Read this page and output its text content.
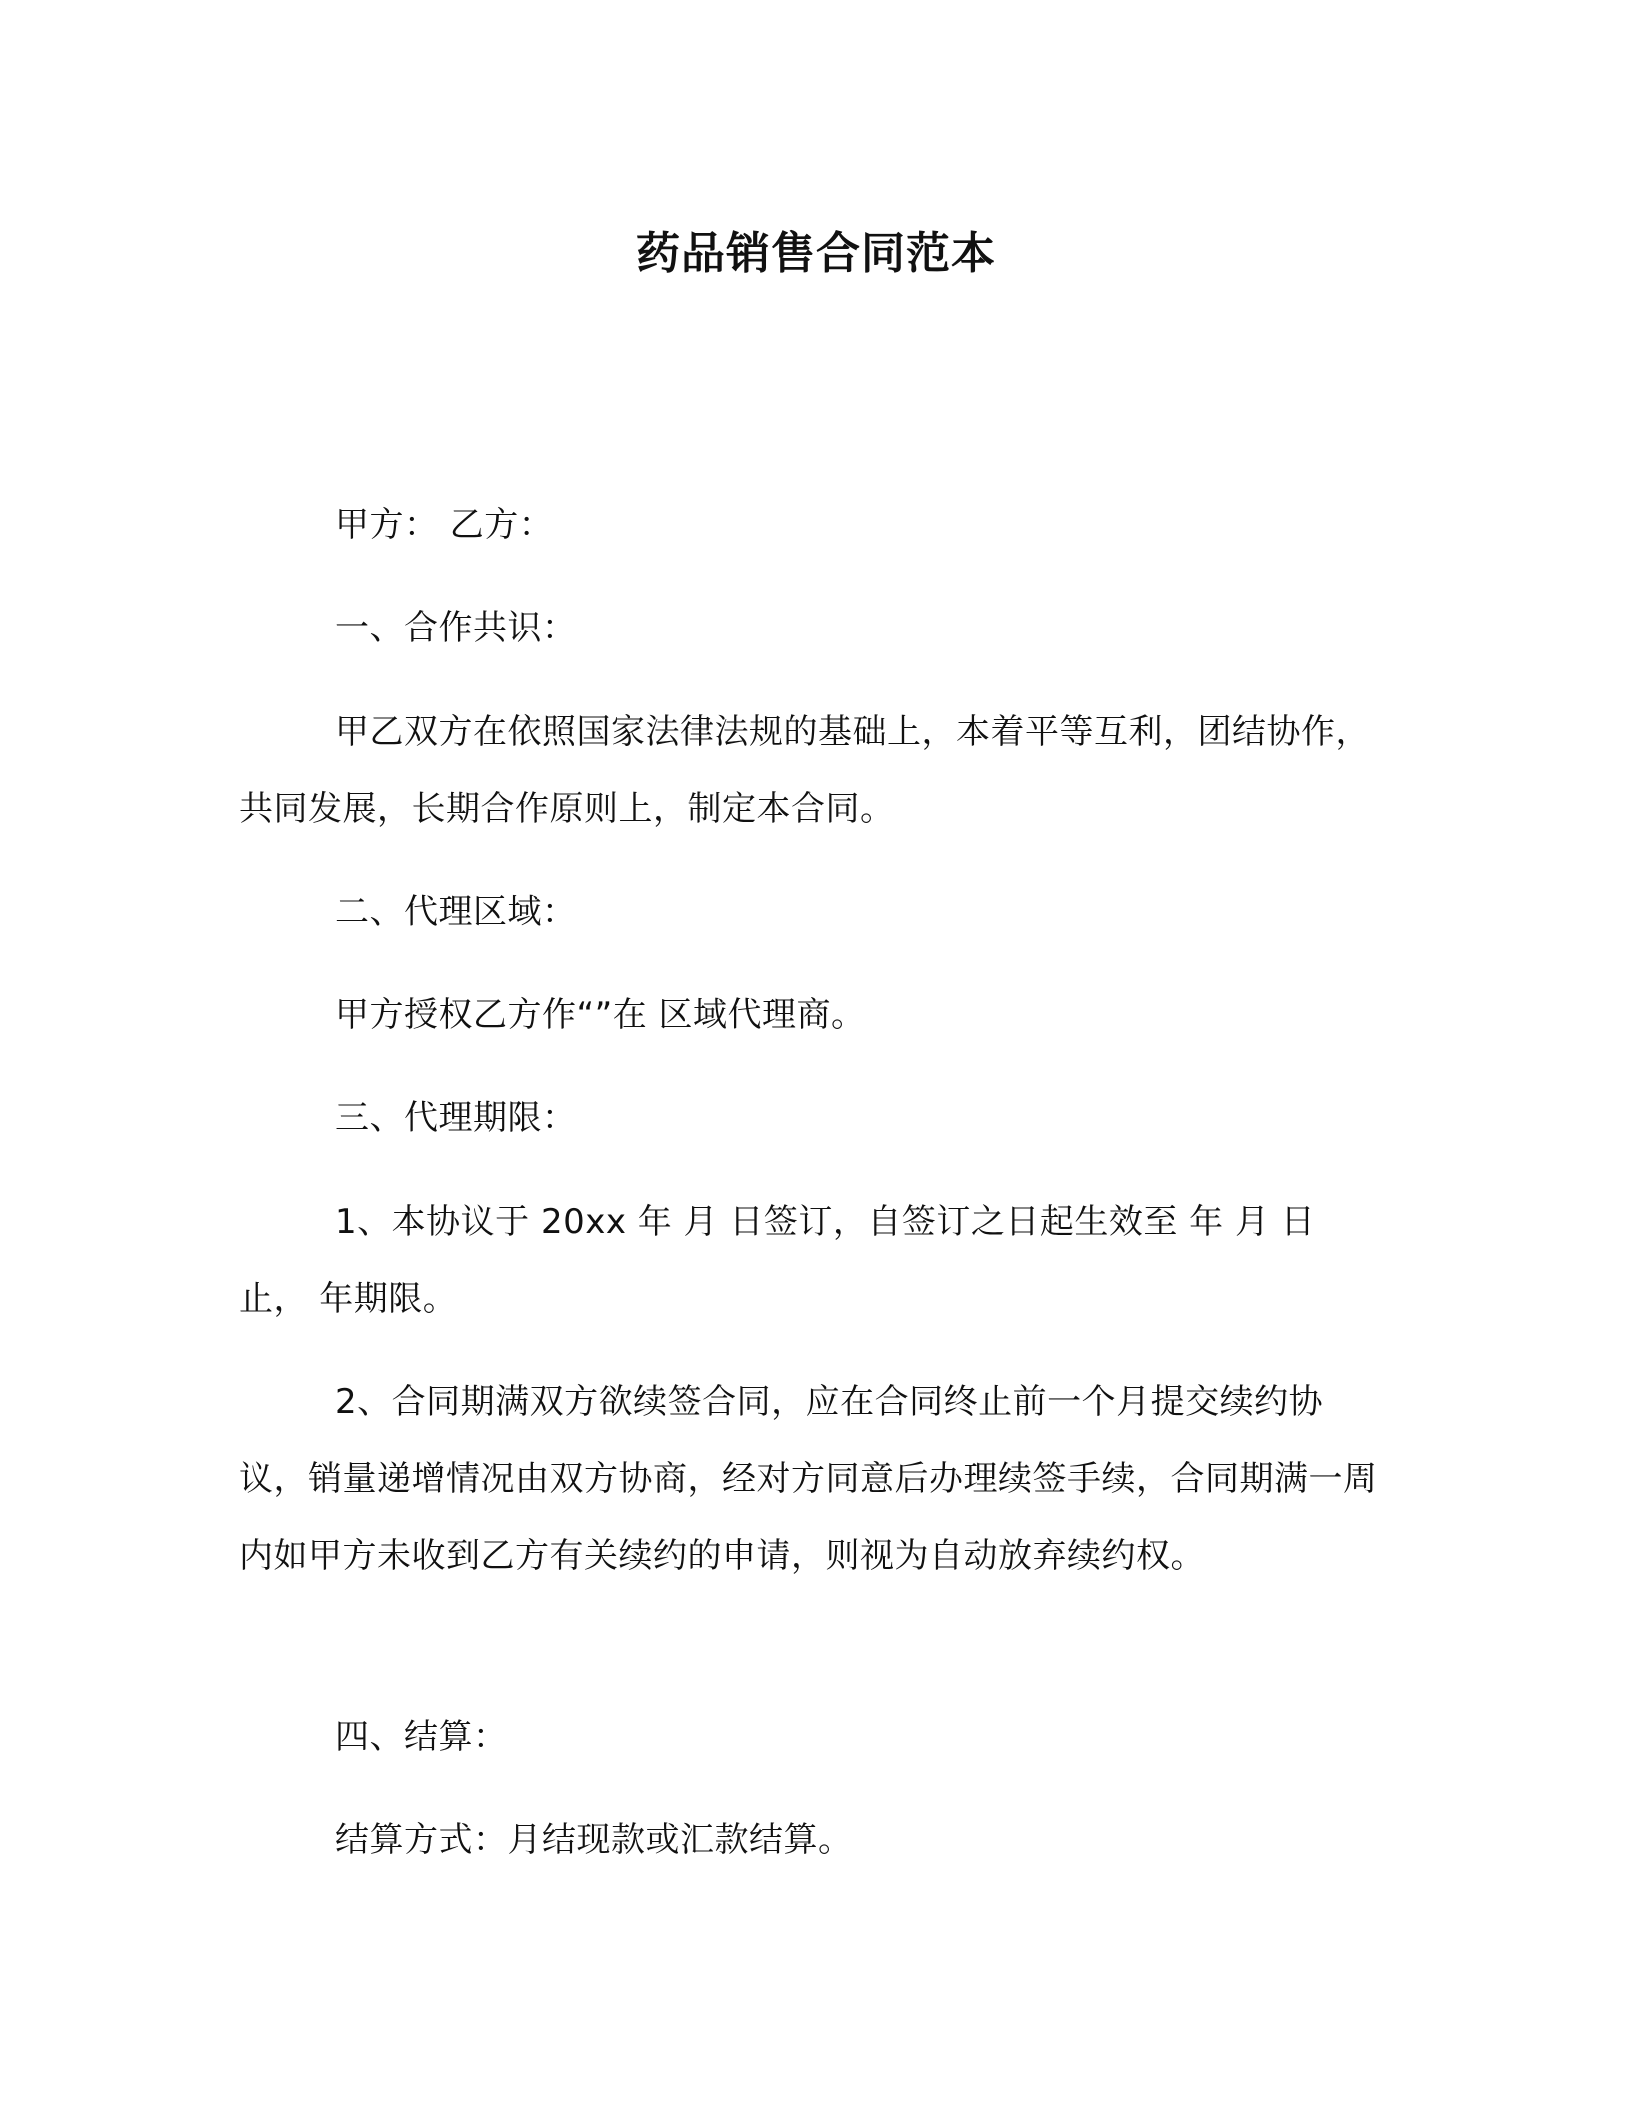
药品销售合同范本
甲方： 乙方：
一、合作共识：
甲乙双方在依照国家法律法规的基础上，本着平等互利，团结协作，共同发展，长期合作原则上，制定本合同。
二、代理区域：
甲方授权乙方作“”在 区域代理商。
三、代理期限：
1、本协议于 20xx 年 月 日签订，自签订之日起生效至 年 月 日止， 年期限。
2、合同期满双方欲续签合同，应在合同终止前一个月提交续约协议，销量递增情况由双方协商，经对方同意后办理续签手续，合同期满一周内如甲方未收到乙方有关续约的申请，则视为自动放弃续约权。
四、结算：
结算方式：月结现款或汇款结算。
